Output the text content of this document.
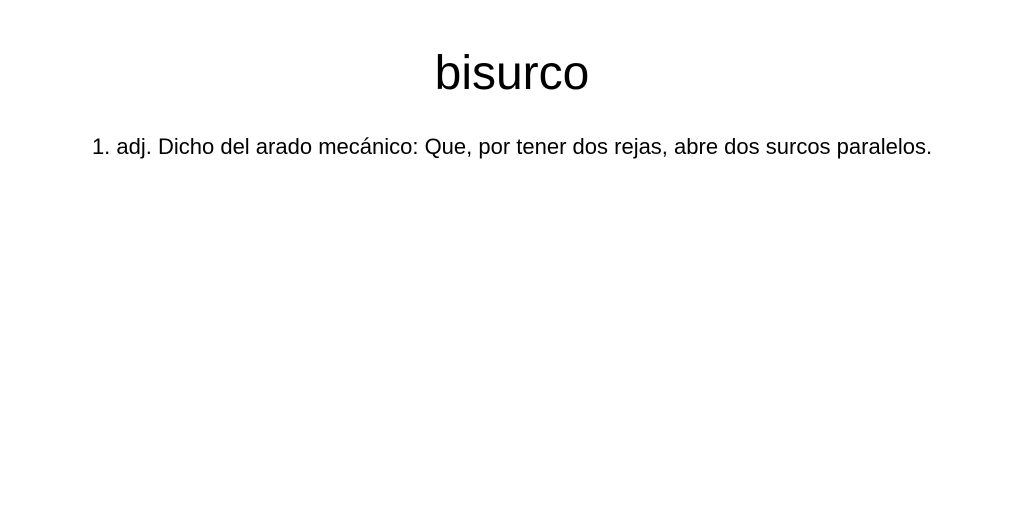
bisurco

1. adj. Dicho del arado mecánico: Que, por tener dos rejas, abre dos surcos paralelos.
